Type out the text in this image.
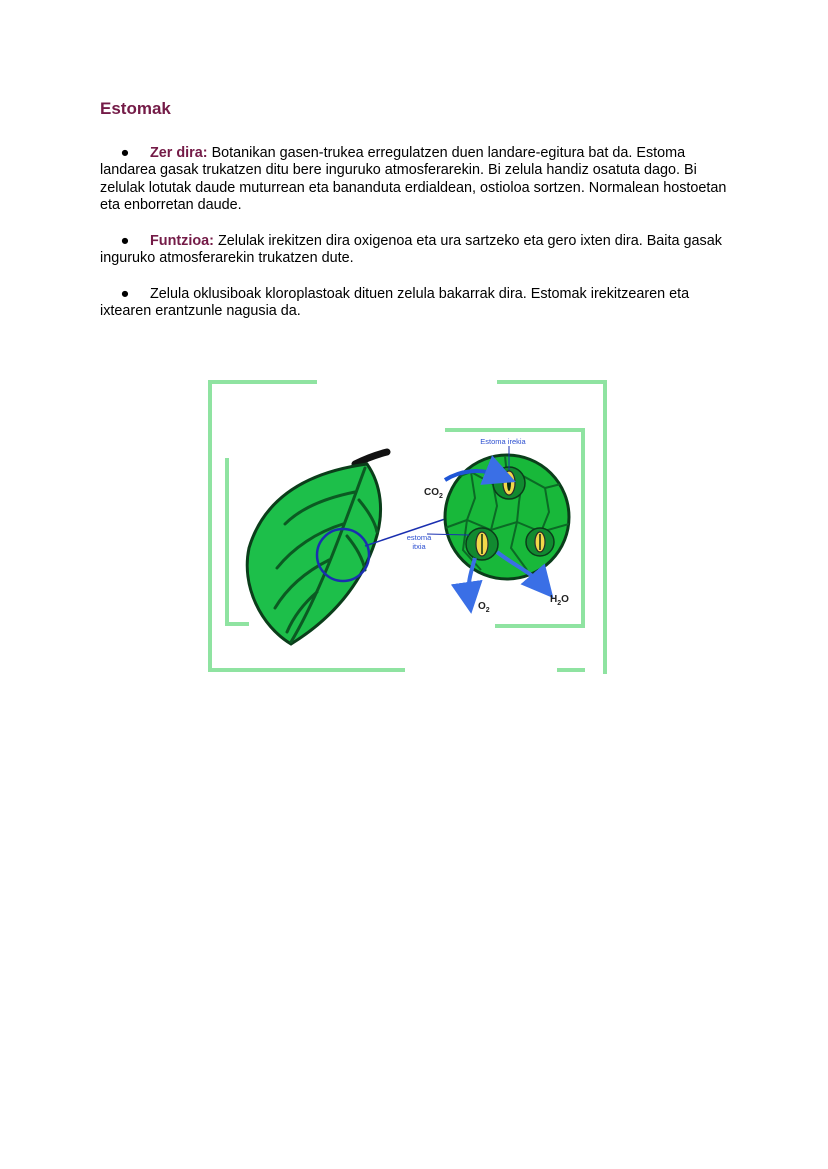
Estomak

● Zer dira: Botanikan gasen-trukea erregulatzen duen landare-egitura bat da. Estoma landarea gasak trukatzen ditu bere inguruko atmosferarekin. Bi zelula handiz osatuta dago. Bi zelulak lotutak daude muturrean eta bananduta erdialdean, ostioloa sortzen. Normalean hostoetan eta enborretan daude.

● Funtzioa: Zelulak irekitzen dira oxigenoa eta ura sartzeko eta gero ixten dira. Baita gasak inguruko atmosferarekin trukatzen dute.

● Zelula oklusiboak kloroplastoak dituen zelula bakarrak dira. Estomak irekitzearen eta ixtearen erantzunle nagusia da.

Estoma irekia
estoma
itxia
$CO_2$
$O_2$
$H_2O$
